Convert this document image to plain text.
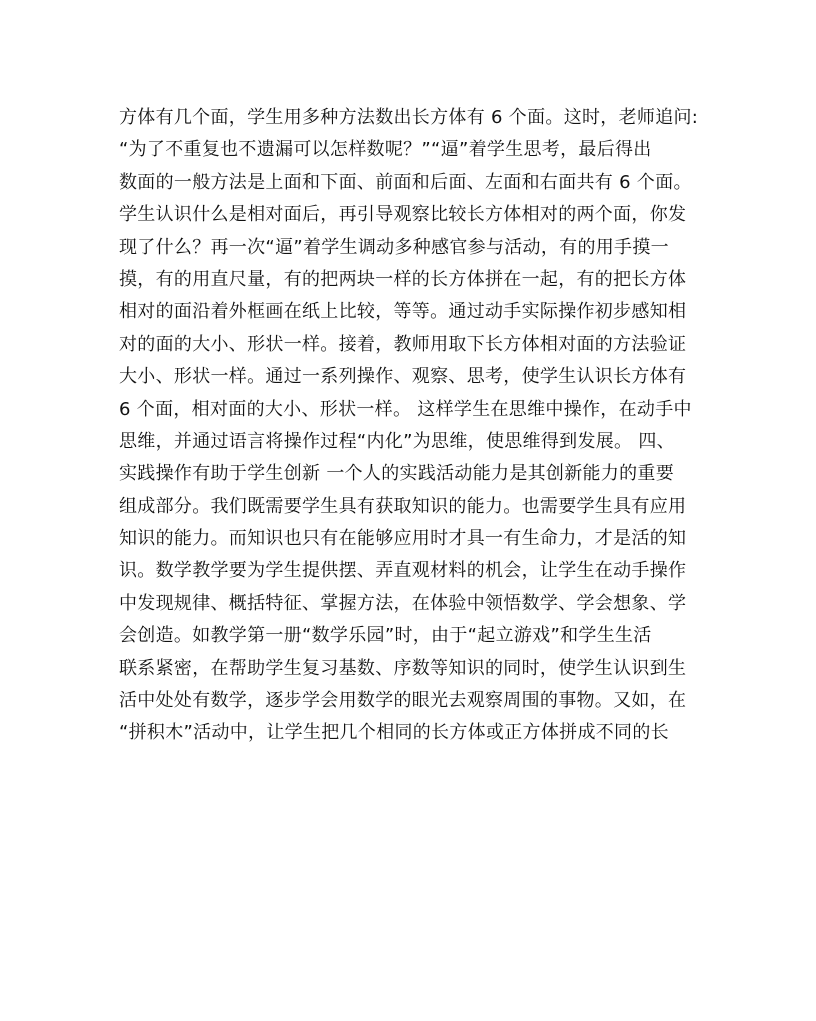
方体有几个面，学生用多种方法数出长方体有 6 个面。这时，老师追问:
“为了不重复也不遗漏可以怎样数呢？”“逼”着学生思考，最后得出
数面的一般方法是上面和下面、前面和后面、左面和右面共有 6 个面。
学生认识什么是相对面后，再引导观察比较长方体相对的两个面，你发
现了什么？再一次“逼”着学生调动多种感官参与活动，有的用手摸一
摸，有的用直尺量，有的把两块一样的长方体拼在一起，有的把长方体
相对的面沿着外框画在纸上比较，等等。通过动手实际操作初步感知相
对的面的大小、形状一样。接着，教师用取下长方体相对面的方法验证
大小、形状一样。通过一系列操作、观察、思考，使学生认识长方体有
6 个面，相对面的大小、形状一样。 这样学生在思维中操作，在动手中
思维，并通过语言将操作过程“内化”为思维，使思维得到发展。 四、
实践操作有助于学生创新 一个人的实践活动能力是其创新能力的重要
组成部分。我们既需要学生具有获取知识的能力。也需要学生具有应用
知识的能力。而知识也只有在能够应用时才具一有生命力，才是活的知
识。数学教学要为学生提供摆、弄直观材料的机会，让学生在动手操作
中发现规律、概括特征、掌握方法，在体验中领悟数学、学会想象、学
会创造。如教学第一册“数学乐园”时，由于“起立游戏”和学生生活
联系紧密，在帮助学生复习基数、序数等知识的同时，使学生认识到生
活中处处有数学，逐步学会用数学的眼光去观察周围的事物。又如，在
“拼积木”活动中，让学生把几个相同的长方体或正方体拼成不同的长
